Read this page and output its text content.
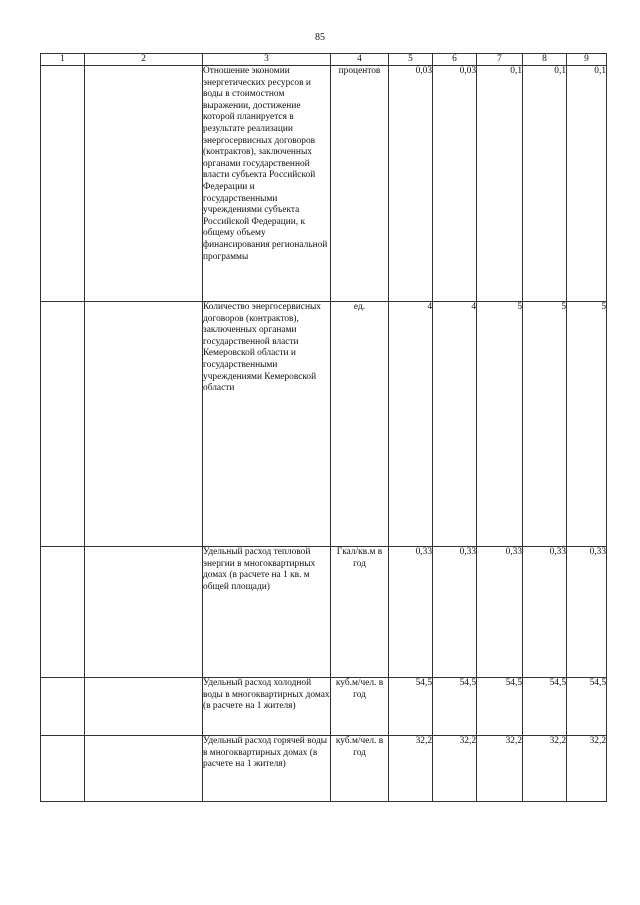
85
1	2	3	4	5	6	7	8	9
		Отношение экономии энергетических ресурсов и воды в стоимостном выражении, достижение которой планируется в результате реализации энергосервисных договоров (контрактов), заключенных органами государственной власти субъекта Российской Федерации и государственными учреждениями субъекта Российской Федерации, к общему объему финансирования региональной программы	процентов	0,03	0,03	0,1	0,1	0,1
		Количество энергосервисных договоров (контрактов), заключенных органами государственной власти Кемеровской области и государственными учреждениями Кемеровской области	ед.	4	4	5	5	5
		Удельный расход тепловой энергии в многоквартирных домах (в расчете на 1 кв. м общей площади)	Гкал/кв.м в год	0,33	0,33	0,33	0,33	0,33
		Удельный расход холодной воды в многоквартирных домах (в расчете на 1 жителя)	куб.м/чел. в год	54,5	54,5	54,5	54,5	54,5
		Удельный расход горячей воды в многоквартирных домах (в расчете на 1 жителя)	куб.м/чел. в год	32,2	32,2	32,2	32,2	32,2
